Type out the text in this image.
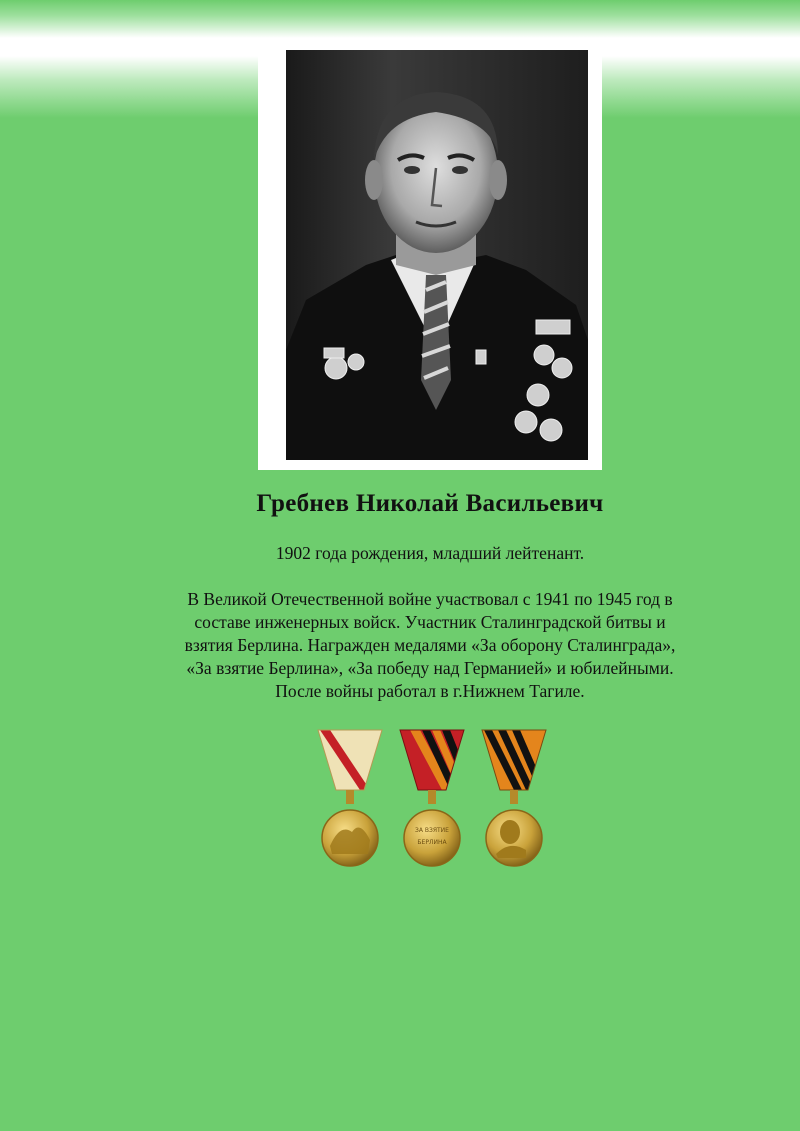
Гребнев Николай Васильевич
1902 года рождения, младший лейтенант.
В Великой Отечественной войне участвовал с 1941 по 1945 год в
составе инженерных войск. Участник Сталинградской битвы и
взятия Берлина. Награжден медалями «За оборону Сталинграда»,
«За взятие Берлина», «За победу над Германией» и юбилейными.
После войны работал в г.Нижнем Тагиле.
ЗА ВЗЯТИЕ
БЕРЛИНА
